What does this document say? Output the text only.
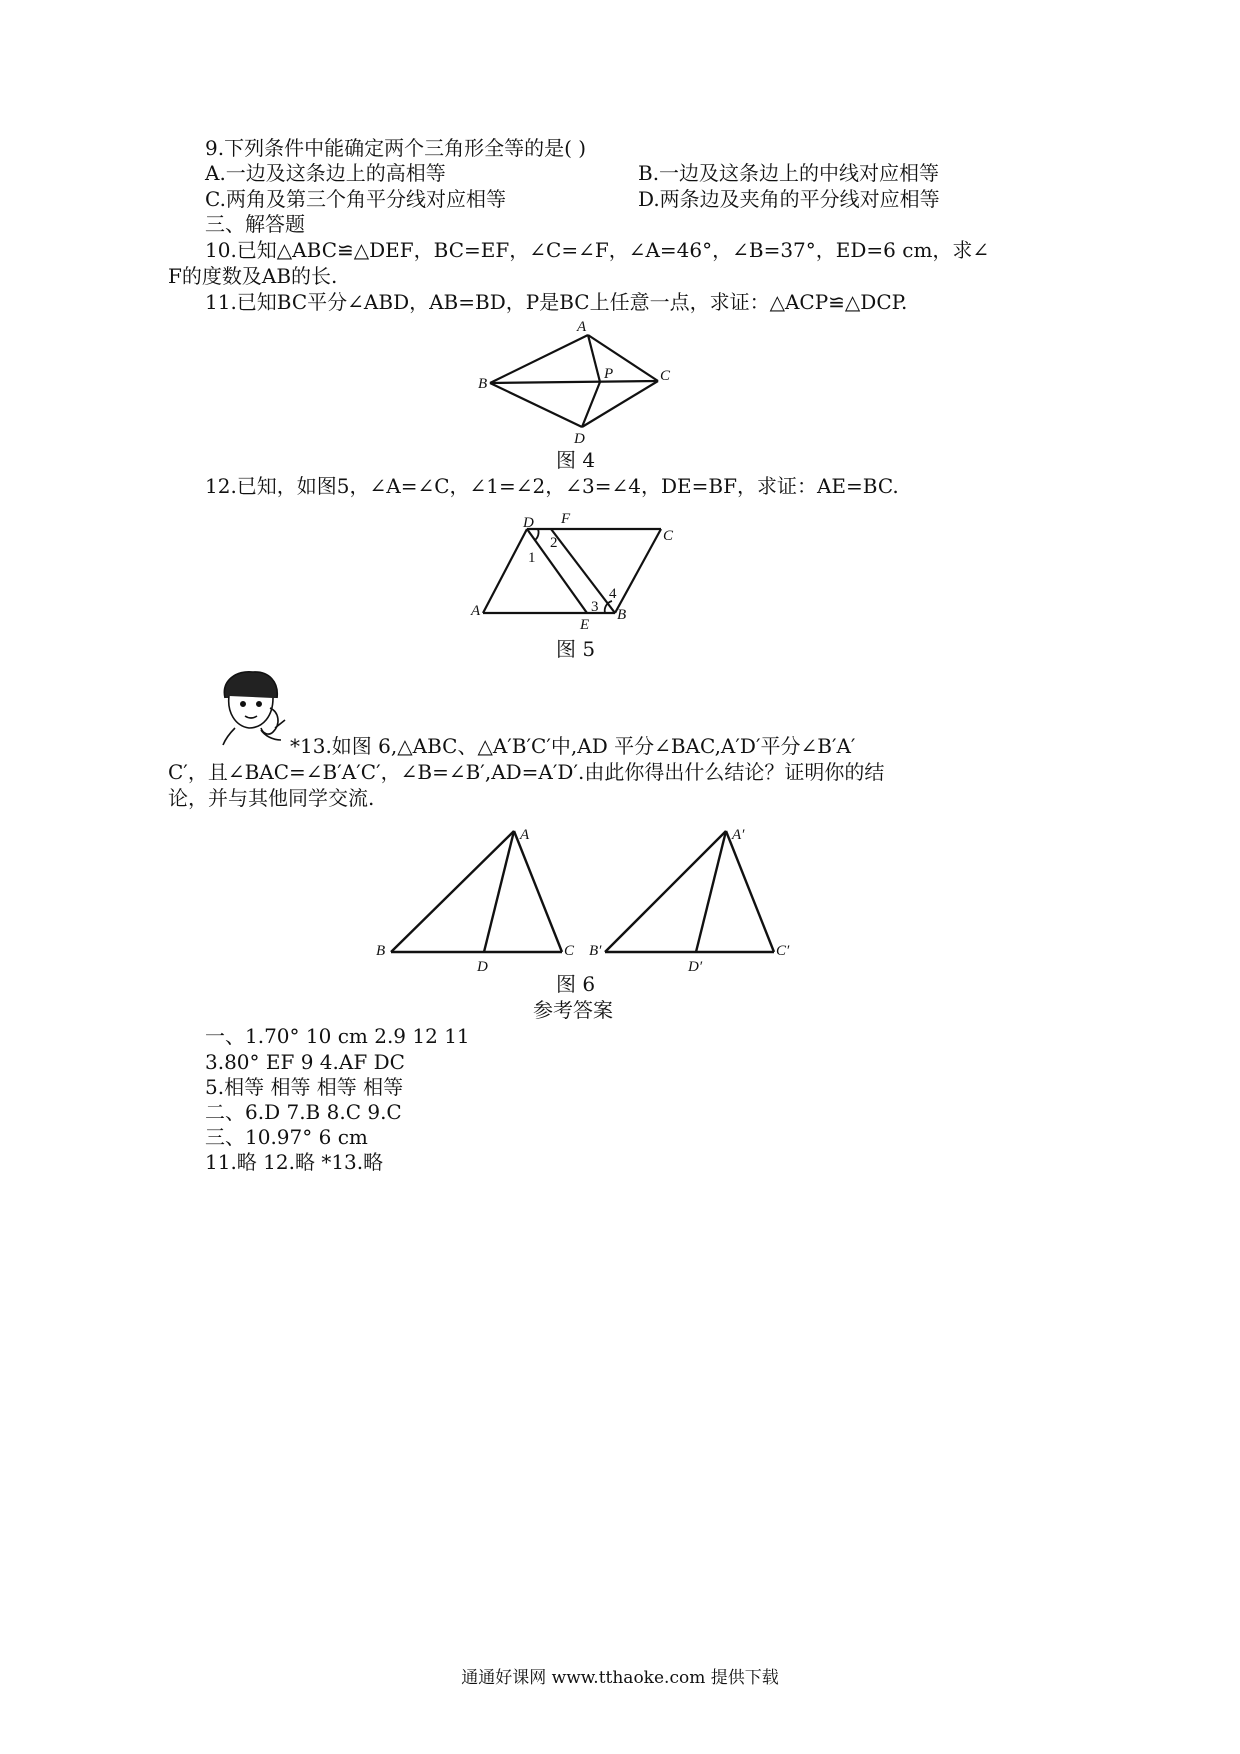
9.下列条件中能确定两个三角形全等的是( )
A.一边及这条边上的高相等	B.一边及这条边上的中线对应相等
C.两角及第三个角平分线对应相等	D.两条边及夹角的平分线对应相等
三、解答题
10.已知△ABC≌△DEF，BC=EF，∠C=∠F，∠A=46°，∠B=37°，ED=6 cm，求∠
F的度数及AB的长.
11.已知BC平分∠ABD，AB=BD，P是BC上任意一点，求证：△ACP≌△DCP.
A
B	C
D
P
图 4
12.已知，如图5，∠A=∠C，∠1=∠2，∠3=∠4，DE=BF，求证：AE=BC.
D F
C
A
E
B
1
2
3
4
图 5
*13.如图 6,△ABC、△A′B′C′中,AD 平分∠BAC,A′D′平分∠B′A′
C′，且∠BAC=∠B′A′C′，∠B=∠B′,AD=A′D′.由此你得出什么结论？证明你的结
论，并与其他同学交流.
A
B	C
D
A′
B′	C′
D′
图 6
参考答案
一、1.70° 10 cm 2.9 12 11
3.80° EF 9 4.AF DC
5.相等 相等 相等 相等
二、6.D 7.B 8.C 9.C
三、10.97° 6 cm
11.略 12.略 *13.略
通通好课网 www.tthaoke.com 提供下载
